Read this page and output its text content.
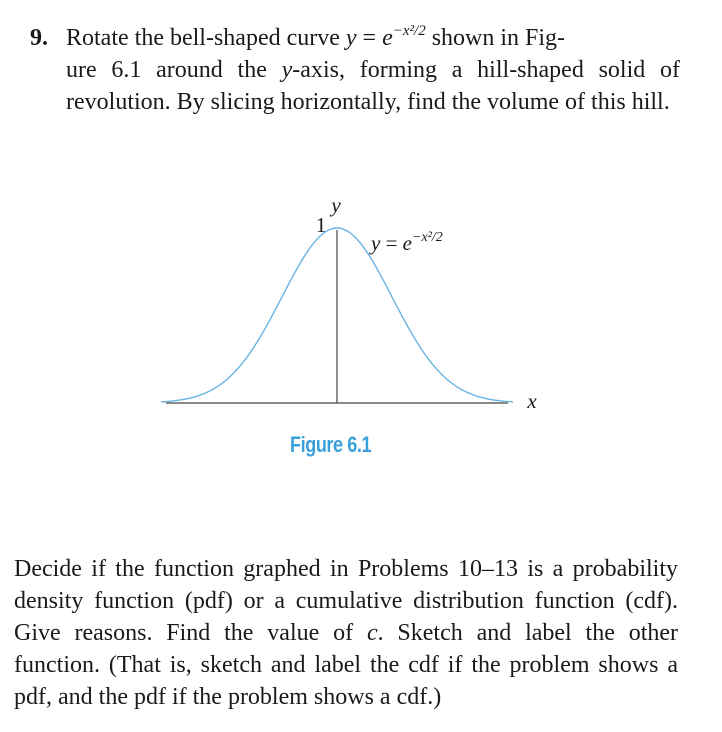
9. Rotate the bell-shaped curve $y = e^{-x^2/2}$ shown in Fig-
ure 6.1 around the y-axis, forming a hill-shaped solid of revolution. By slicing horizontally, find the volume of this hill.
y
1
x
$y = e^{-x^2/2}$
Figure 6.1
Decide if the function graphed in Problems 10–13 is a probability density function (pdf) or a cumulative distribution function (cdf). Give reasons. Find the value of c. Sketch and label the other function. (That is, sketch and label the cdf if the problem shows a pdf, and the pdf if the problem shows a cdf.)
